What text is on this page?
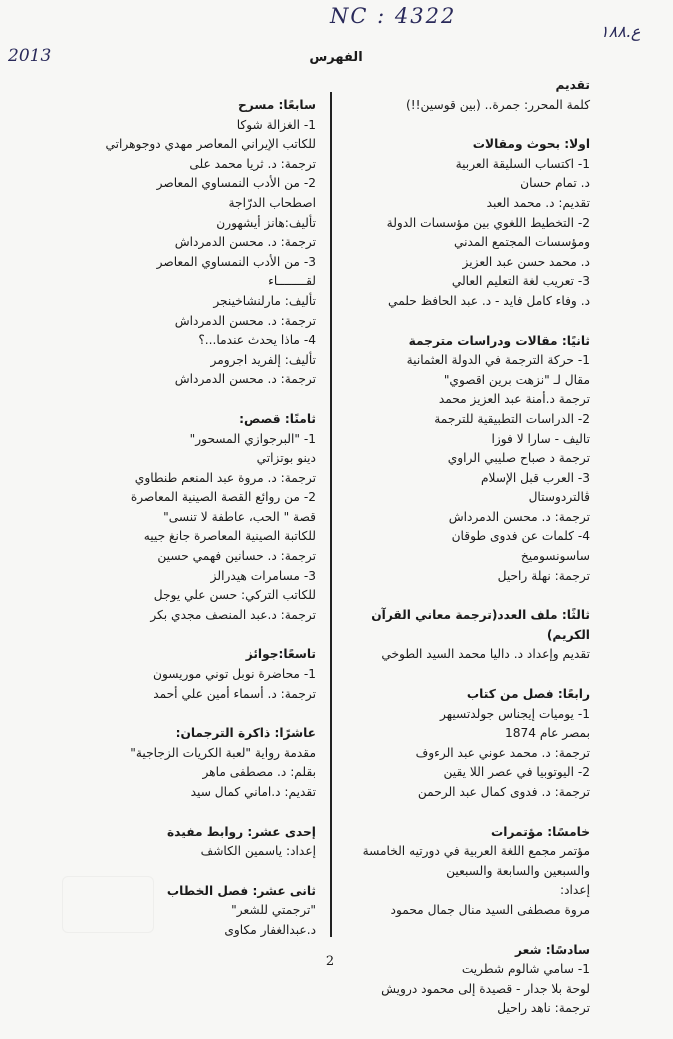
NC : 4322
2013
ع.١٨٨
الفهرس
تقديم
كلمة المحرر: جمرة.. (بين قوسين!!)
اولا: بحوث ومقالات
1- اكتساب السليقة العربية
د. تمام حسان
تقديم: د. محمد العبد
2- التخطيط اللغوي بين مؤسسات الدولة
ومؤسسات المجتمع المدني
د. محمد حسن عبد العزيز
3- تعريب لغة التعليم العالي
د. وفاء كامل فايد - د. عبد الحافظ حلمي
ثانيًا: مقالات ودراسات مترجمة
1- حركة الترجمة في الدولة العثمانية
مقال لـ "نزهت برين اقصوي"
ترجمة د.أمنة عبد العزيز محمد
2- الدراسات التطبيقية للترجمة
تاليف - سارا لا فوزا
ترجمة د صباح صليبي الراوي
3- العرب قبل الإسلام
ڤالتردوستال
ترجمة: د. محسن الدمرداش
4- كلمات عن فدوى طوقان
ساسونسوميخ
ترجمة: نهلة راحيل
ثالثًا: ملف العدد(ترجمة معاني القرآن الكريم)
تقديم وإعداد د. داليا محمد السيد الطوخي
رابعًا: فصل من كتاب
1- يوميات إيجناس جولدتسيهر
بمصر عام 1874
ترجمة: د. محمد عوني عبد الرءوف
2- اليوتوبيا في عصر اللا يقين
ترجمة: د. فدوى كمال عبد الرحمن
خامسًا: مؤتمرات
مؤتمر مجمع اللغة العربية في دورتيه الخامسة
والسبعين والسابعة والسبعين
إعداد:
مروة مصطفى السيد منال جمال محمود
سادسًا: شعر
1- سامي شالوم شطريت
لوحة بلا جدار - قصيدة إلى محمود درويش
ترجمة: ناهد راحيل
سابعًا: مسرح
1- الغزالة شوكا
للكاتب الإيراني المعاصر مهدي دوجوهراتي
ترجمة: د. ثريا محمد على
2- من الأدب النمساوي المعاصر
اصطحاب الدرّاجة
تأليف:هانز أيشهورن
ترجمة: د. محسن الدمرداش
3- من الأدب النمساوي المعاصر
لقــــــــاء
تأليف: مارلنشاخينجر
ترجمة: د. محسن الدمرداش
4- ماذا يحدث عندما...؟
تأليف: إلفريد اجرومر
ترجمة: د. محسن الدمرداش
ثامنًا: قصص:
1- "البرجوازي المسحور"
دينو بوتزاتي
ترجمة: د. مروة عبد المنعم طنطاوي
2- من روائع القصة الصينية المعاصرة
قصة " الحب، عاطفة لا تنسى"
للكاتبة الصينية المعاصرة جانغ جييه
ترجمة: د. حسانين فهمي حسين
3- مسامرات هيدرالز
للكاتب التركي: حسن علي يوجل
ترجمة: د.عبد المنصف مجدي بكر
تاسعًا:جوائز
1- محاضرة نوبل توني موريسون
ترجمة: د. أسماء أمين علي أحمد
عاشرًا: ذاكرة الترجمان:
مقدمة رواية "لعبة الكريات الزجاجية"
بقلم: د. مصطفى ماهر
تقديم: د.اماني كمال سيد
إحدى عشر: روابط مفيدة
إعداد: ياسمين الكاشف
ثانى عشر: فصل الخطاب
"ترجمتي للشعر"
د.عبدالغفار مكاوى
2
